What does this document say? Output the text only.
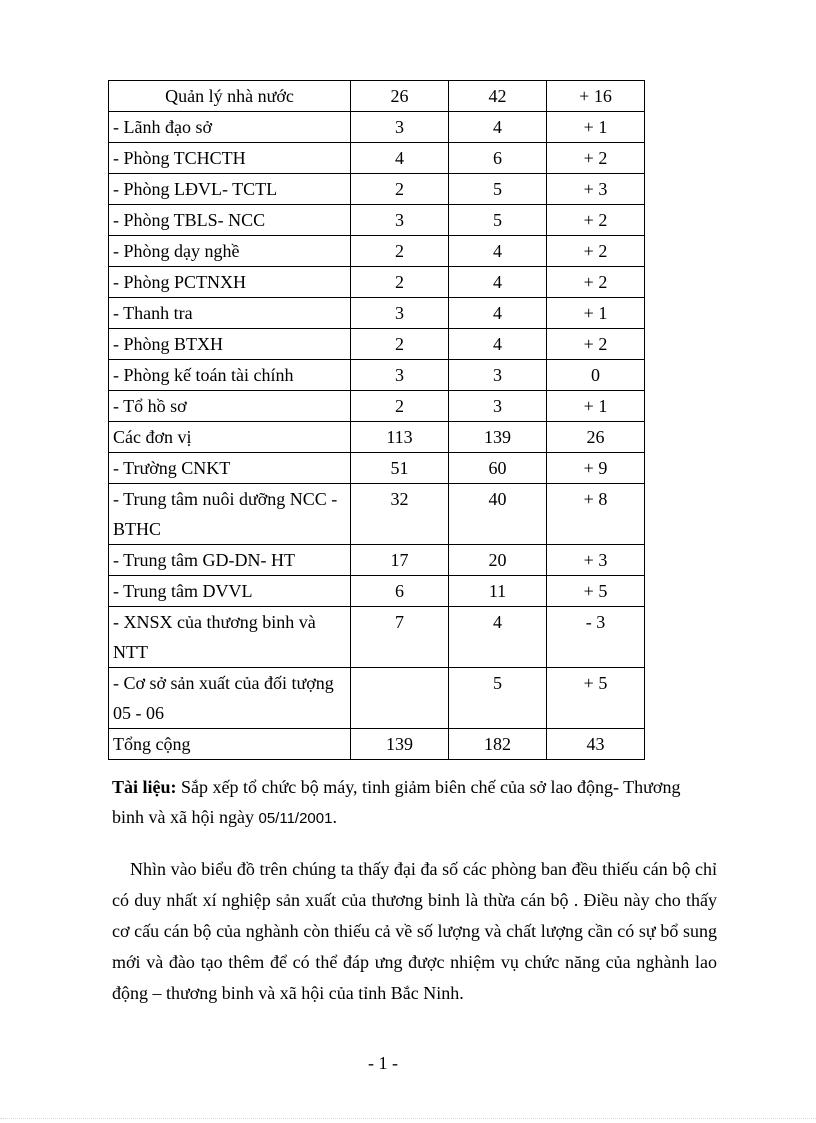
Quản lý nhà nước	26	42	+ 16
- Lãnh đạo sở	3	4	+ 1
- Phòng TCHCTH	4	6	+ 2
- Phòng LĐVL- TCTL	2	5	+ 3
- Phòng TBLS- NCC	3	5	+ 2
- Phòng dạy nghề	2	4	+ 2
- Phòng PCTNXH	2	4	+ 2
- Thanh tra	3	4	+ 1
- Phòng BTXH	2	4	+ 2
- Phòng kế toán tài chính	3	3	0
- Tổ hồ sơ	2	3	+ 1
Các đơn vị	113	139	26
- Trường CNKT	51	60	+ 9
- Trung tâm nuôi dưỡng NCC - BTHC	32	40	+ 8
- Trung tâm GD-DN- HT	17	20	+ 3
- Trung tâm DVVL	6	11	+ 5
- XNSX của thương binh và NTT	7	4	- 3
- Cơ sở sản xuất của đối tượng 05 - 06		5	+ 5
Tổng cộng	139	182	43

Tài liệu: Sắp xếp tổ chức bộ máy, tinh giảm biên chế của sở lao động- Thương binh và xã hội ngày 05/11/2001.

Nhìn vào biểu đồ trên chúng ta thấy đại đa số các phòng ban đều thiếu cán bộ chỉ có duy nhất xí nghiệp sản xuất của thương binh là thừa cán bộ . Điều này cho thấy cơ cấu cán bộ của nghành còn thiếu cả về số lượng và chất lượng cần có sự bổ sung mới và đào tạo thêm để có thể đáp ưng được nhiệm vụ chức năng của nghành lao động – thương binh và xã hội của tỉnh Bắc Ninh.

- 1 -
